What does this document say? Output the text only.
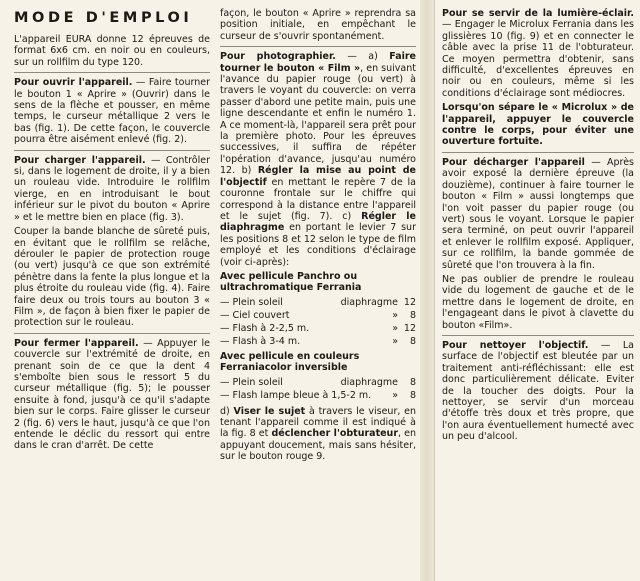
MODE D'EMPLOI

L'appareil EURA donne 12 épreuves de format 6x6 cm. en noir ou en couleurs, sur un rollfilm du type 120.

Pour ouvrir l'appareil. — Faire tourner le bouton 1 « Aprire » (Ouvrir) dans le sens de la flèche et pousser, en même temps, le curseur métallique 2 vers le bas (fig. 1). De cette façon, le couvercle pourra être aisément enlevé (fig. 2).

Pour charger l'appareil. — Contrôler si, dans le logement de droite, il y a bien un rouleau vide. Introduire le rollfilm vierge, en en introduisant le bout inférieur sur le pivot du bouton « Aprire » et le mettre bien en place (fig. 3).

Couper la bande blanche de sûreté puis, en évitant que le rollfilm se relâche, dérouler le papier de protection rouge (ou vert) jusqu'à ce que son extrémité pénètre dans la fente la plus longue et la plus étroite du rouleau vide (fig. 4). Faire faire deux ou trois tours au bouton 3 « Film », de façon à bien fixer le papier de protection sur le rouleau.

Pour fermer l'appareil. — Appuyer le couvercle sur l'extrémité de droite, en prenant soin de ce que la dent 4 s'emboîte bien sous le ressort 5 du curseur métallique (fig. 5); le pousser ensuite à fond, jusqu'à ce qu'il s'adapte bien sur le corps. Faire glisser le curseur 2 (fig. 6) vers le haut, jusqu'à ce que l'on entende le déclic du ressort qui entre dans le cran d'arrêt. De cette

façon, le bouton « Aprire » reprendra sa position initiale, en empêchant le curseur de s'ouvrir spontanément.

Pour photographier. — a) Faire tourner le bouton « Film », en suivant l'avance du papier rouge (ou vert) à travers le voyant du couvercle: on verra passer d'abord une petite main, puis une ligne descendante et enfin le numéro 1. A ce moment-là, l'appareil sera prêt pour la première photo. Pour les épreuves successives, il suffira de répéter l'opération d'avance, jusqu'au numéro 12. b) Régler la mise au point de l'objectif en mettant le repère 7 de la couronne frontale sur le chiffre qui correspond à la distance entre l'appareil et le sujet (fig. 7). c) Régler le diaphragme en portant le levier 7 sur les positions 8 et 12 selon le type de film employé et les conditions d'éclairage (voir ci-après):

Avec pellicule Panchro ou ultrachromatique Ferrania
— Plein soleil	diaphragme 12
— Ciel couvert	»	8
— Flash à 2-2,5 m.	» 12
— Flash à 3-4 m.	»	8
Avec pellicule en couleurs Ferraniacolor inversible
— Plein soleil	diaphragme	8
— Flash lampe bleue à 1,5-2 m.	»	8

d) Viser le sujet à travers le viseur, en tenant l'appareil comme il est indiqué à la fig. 8 et déclencher l'obturateur, en appuyant doucement, mais sans hésiter, sur le bouton rouge 9.

Pour se servir de la lumière-éclair. — Engager le Microlux Ferrania dans les glissières 10 (fig. 9) et en connecter le câble avec la prise 11 de l'obturateur. Ce moyen permettra d'obtenir, sans difficulté, d'excellentes épreuves en noir ou en couleurs, même si les conditions d'éclairage sont médiocres.

Lorsqu'on sépare le « Microlux » de l'appareil, appuyer le couvercle contre le corps, pour éviter une ouverture fortuite.

Pour décharger l'appareil — Après avoir exposé la dernière épreuve (la douzième), continuer à faire tourner le bouton « Film » aussi longtemps que l'on voit passer du papier rouge (ou vert) sous le voyant. Lorsque le papier sera terminé, on peut ouvrir l'appareil et enlever le rollfilm exposé. Appliquer, sur ce rollfilm, la bande gommée de sûreté que l'on trouvera à la fin.

Ne pas oublier de prendre le rouleau vide du logement de gauche et de le mettre dans le logement de droite, en l'engageant dans le pivot à clavette du bouton «Film».

Pour nettoyer l'objectif. — La surface de l'objectif est bleutée par un traitement anti-réfléchissant: elle est donc particulièrement délicate. Eviter de la toucher des doigts. Pour la nettoyer, se servir d'un morceau d'étoffe très doux et très propre, que l'on aura éventuellement humecté avec un peu d'alcool.
